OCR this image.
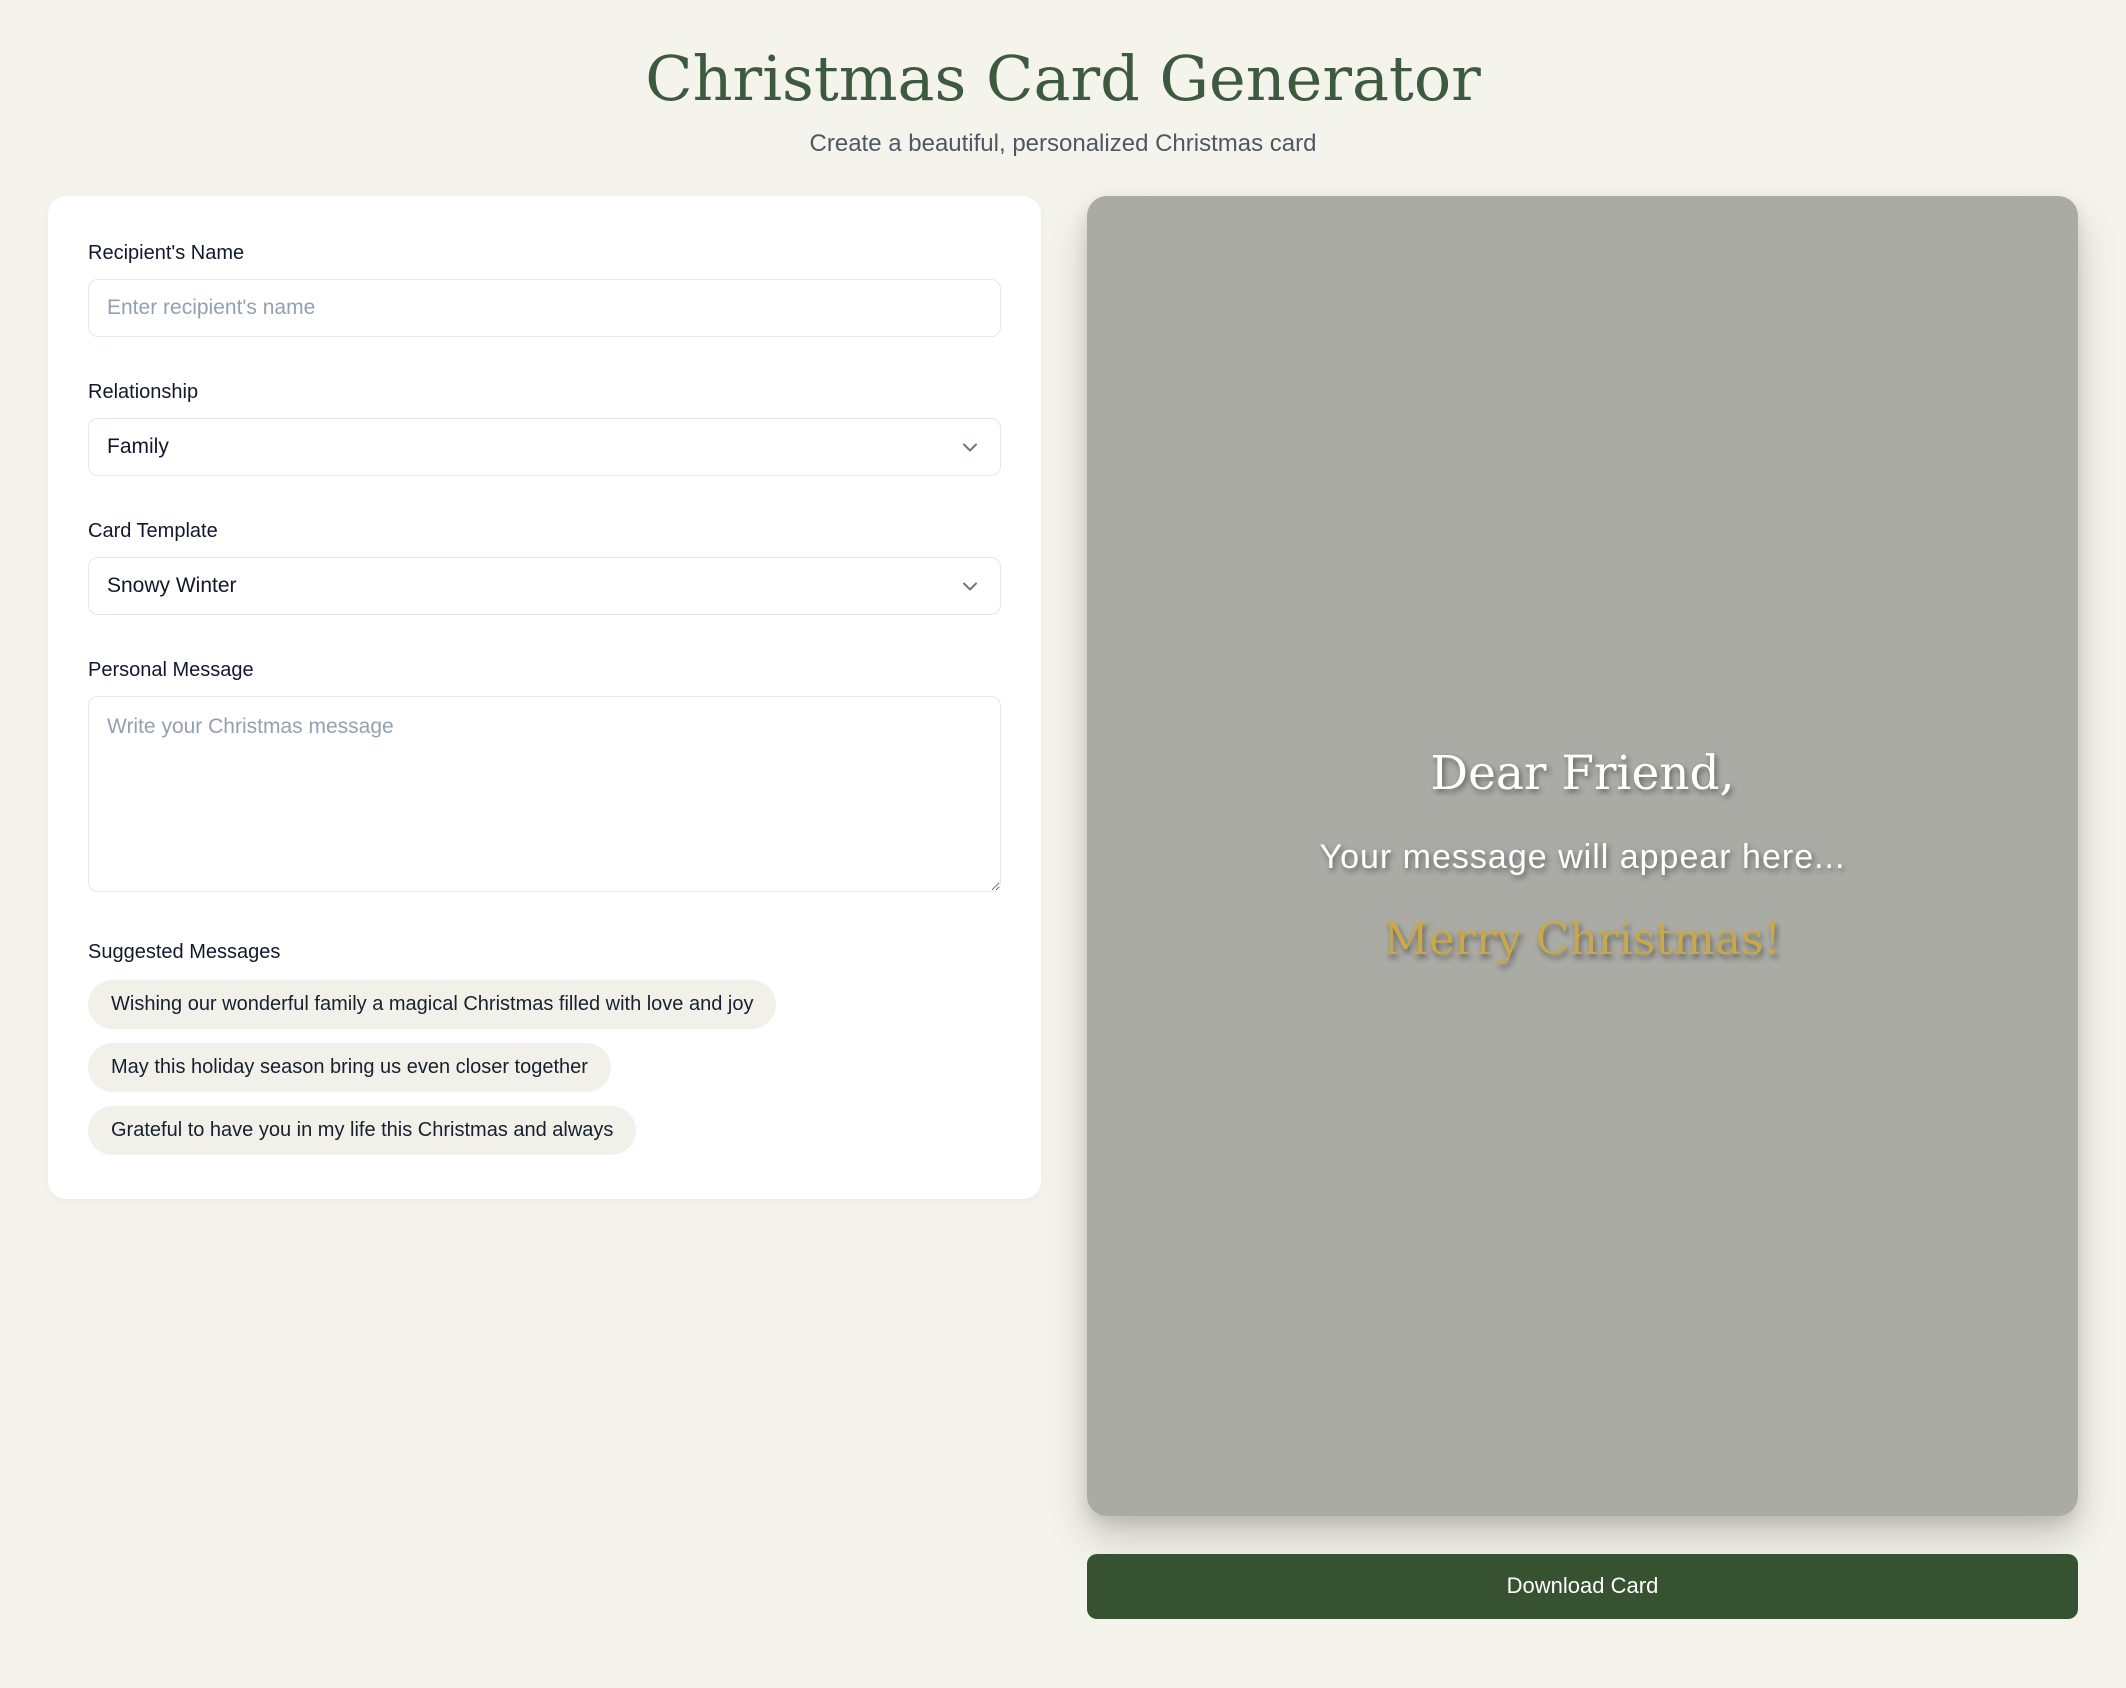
Christmas Card Generator
Create a beautiful, personalized Christmas card
Recipient's Name
Enter recipient's name
Relationship
Family
Card Template
Snowy Winter
Personal Message
Write your Christmas message
Suggested Messages
Wishing our wonderful family a magical Christmas filled with love and joy
May this holiday season bring us even closer together
Grateful to have you in my life this Christmas and always
Dear Friend,
Your message will appear here...
Merry Christmas!
Download Card
